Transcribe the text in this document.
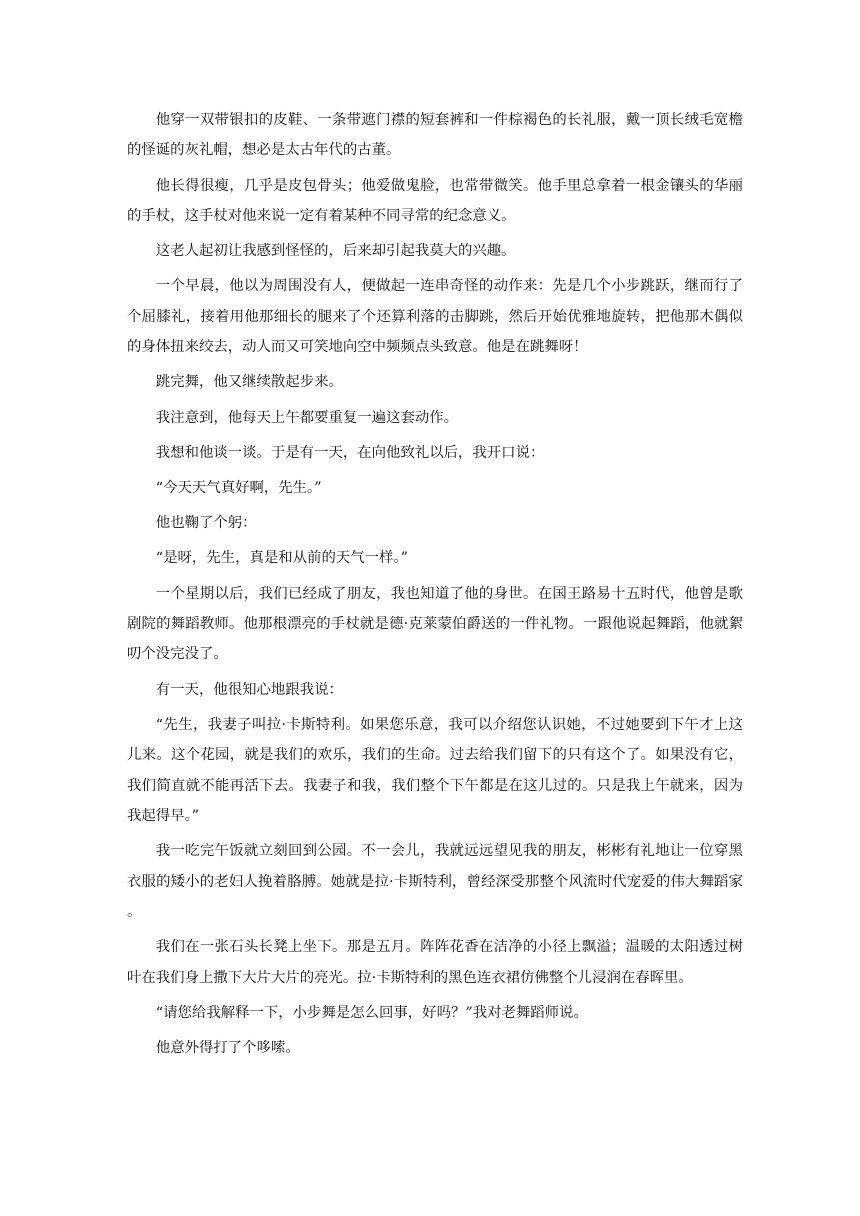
他穿一双带银扣的皮鞋、一条带遮门襟的短套裤和一件棕褐色的长礼服，戴一顶长绒毛宽檐的怪诞的灰礼帽，想必是太古年代的古董。

他长得很瘦，几乎是皮包骨头；他爱做鬼脸，也常带微笑。他手里总拿着一根金镶头的华丽的手杖，这手杖对他来说一定有着某种不同寻常的纪念意义。

这老人起初让我感到怪怪的，后来却引起我莫大的兴趣。

一个早晨，他以为周围没有人，便做起一连串奇怪的动作来：先是几个小步跳跃，继而行了个屈膝礼，接着用他那细长的腿来了个还算利落的击脚跳，然后开始优雅地旋转，把他那木偶似的身体扭来绞去，动人而又可笑地向空中频频点头致意。他是在跳舞呀！

跳完舞，他又继续散起步来。

我注意到，他每天上午都要重复一遍这套动作。

我想和他谈一谈。于是有一天，在向他致礼以后，我开口说：

“今天天气真好啊，先生。”

他也鞠了个躬：

“是呀，先生，真是和从前的天气一样。”

一个星期以后，我们已经成了朋友，我也知道了他的身世。在国王路易十五时代，他曾是歌剧院的舞蹈教师。他那根漂亮的手杖就是德·克莱蒙伯爵送的一件礼物。一跟他说起舞蹈，他就絮叨个没完没了。

有一天，他很知心地跟我说：

“先生，我妻子叫拉·卡斯特利。如果您乐意，我可以介绍您认识她，不过她要到下午才上这儿来。这个花园，就是我们的欢乐，我们的生命。过去给我们留下的只有这个了。如果没有它，我们简直就不能再活下去。我妻子和我，我们整个下午都是在这儿过的。只是我上午就来，因为我起得早。”

我一吃完午饭就立刻回到公园。不一会儿，我就远远望见我的朋友，彬彬有礼地让一位穿黑衣服的矮小的老妇人挽着胳膊。她就是拉·卡斯特利，曾经深受那整个风流时代宠爱的伟大舞蹈家。

我们在一张石头长凳上坐下。那是五月。阵阵花香在洁净的小径上飘溢；温暖的太阳透过树叶在我们身上撒下大片大片的亮光。拉·卡斯特利的黑色连衣裙仿佛整个儿浸润在春晖里。

“请您给我解释一下，小步舞是怎么回事，好吗？”我对老舞蹈师说。

他意外得打了个哆嗦。
